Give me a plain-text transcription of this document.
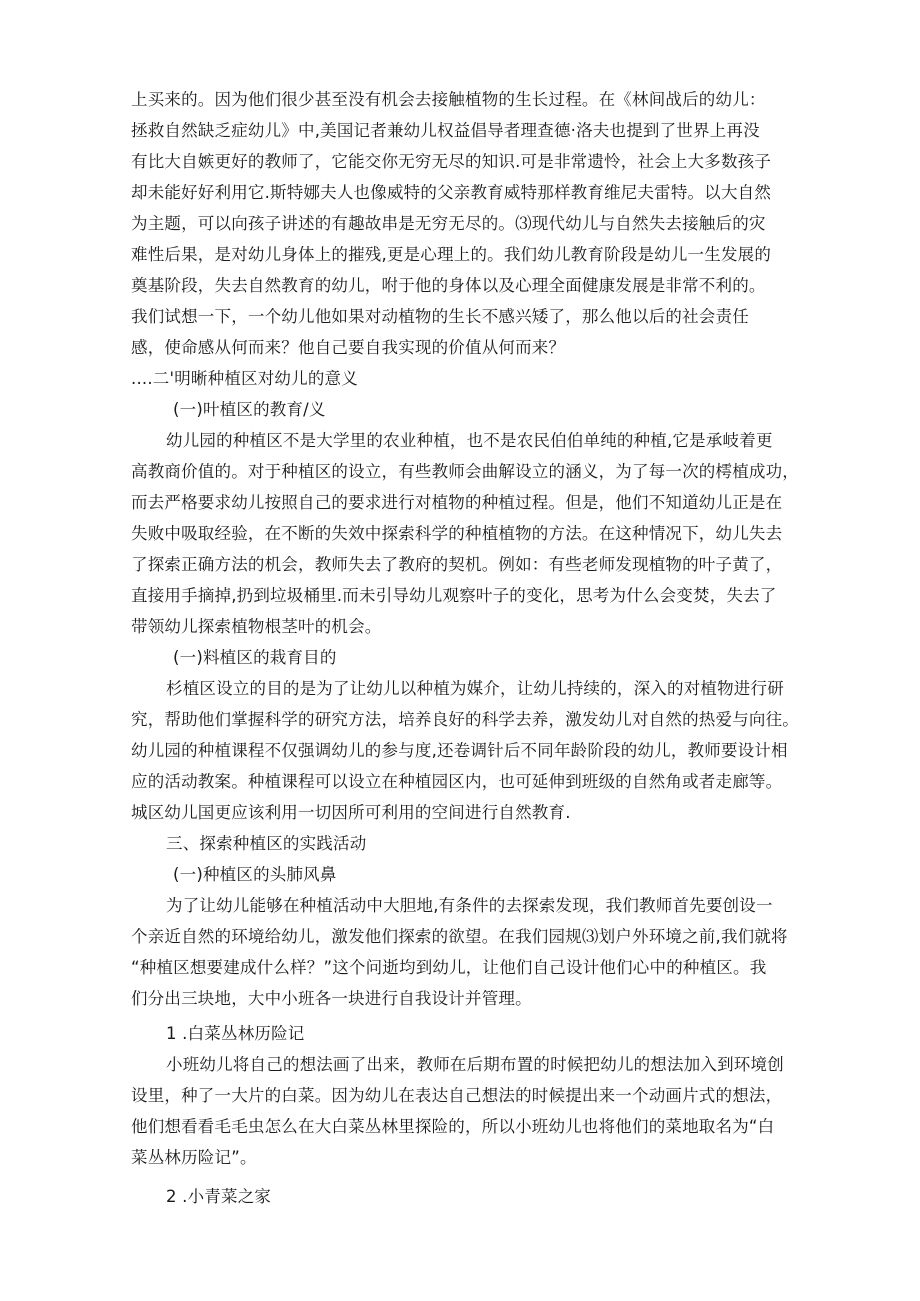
上买来的。因为他们很少甚至没有机会去接触植物的生长过程。在《林间战后的幼儿：
拯救自然缺乏症幼儿》中,美国记者兼幼儿权益倡导者理查德·洛夫也提到了世界上再没
有比大自嫉更好的教师了，它能交你无穷无尽的知识.可是非常遗怜，社会上大多数孩子
却未能好好利用它.斯特娜夫人也像威特的父亲教育威特那样教育维尼夫雷特。以大自然
为主题，可以向孩子讲述的有趣故串是无穷无尽的。⑶现代幼儿与自然失去接触后的灾
难性后果，是对幼儿身体上的摧残,更是心理上的。我们幼儿教育阶段是幼儿一生发展的
奠基阶段，失去自然教育的幼儿，咐于他的身体以及心理全面健康发展是非常不利的。
我们试想一下，一个幼儿他如果对动植物的生长不感兴矮了，那么他以后的社会责任
感，使命感从何而来？他自己要自我实现的价值从何而来？
....二'明晰种植区对幼儿的意义
(一)叶植区的教育/义
幼儿园的种植区不是大学里的农业种植，也不是农民伯伯单纯的种植,它是承岐着更
高教商价值的。对于种植区的设立，有些教师会曲解设立的涵义，为了每一次的樗植成功，
而去严格要求幼儿按照自己的要求进行对植物的种植过程。但是，他们不知道幼儿正是在
失败中吸取经验，在不断的失效中探索科学的种植植物的方法。在这种情况下，幼儿失去
了探索正确方法的机会，教师失去了教府的契机。例如：有些老师发现植物的叶子黄了，
直接用手摘掉,扔到垃圾桶里.而未引导幼儿观察叶子的变化，思考为什么会变焚，失去了
带领幼儿探索植物根茎叶的机会。
(一)料植区的栽育目的
杉植区设立的目的是为了让幼儿以种植为媒介，让幼儿持续的，深入的对植物进行研
究，帮助他们掌握科学的研究方法，培养良好的科学去养，激发幼儿对自然的热爱与向往。
幼儿园的种植课程不仅强调幼儿的参与度,还卷调针后不同年龄阶段的幼儿，教师要设计相
应的活动教案。种植课程可以设立在种植园区内，也可延伸到班级的自然角或者走廊等。
城区幼儿国更应该利用一切因所可利用的空间进行自然教育.
三、探索种植区的实践活动
(一)种植区的头肺风鼻
为了让幼儿能够在种植活动中大胆地,有条件的去探索发现，我们教师首先要创设一
个亲近自然的环境给幼儿，激发他们探索的欲望。在我们园规⑶划户外环境之前,我们就将
“种植区想要建成什么样？”这个问逝均到幼儿，让他们自己设计他们心中的种植区。我
们分出三块地，大中小班各一块进行自我设计并管理。
1 .白菜丛林历险记
小班幼儿将自己的想法画了出来，教师在后期布置的时候把幼儿的想法加入到环境创
设里，种了一大片的白菜。因为幼儿在表达自己想法的时候提出来一个动画片式的想法，
他们想看看毛毛虫怎么在大白菜丛林里探险的，所以小班幼儿也将他们的菜地取名为“白
菜丛林历险记”。
2 .小青菜之家
